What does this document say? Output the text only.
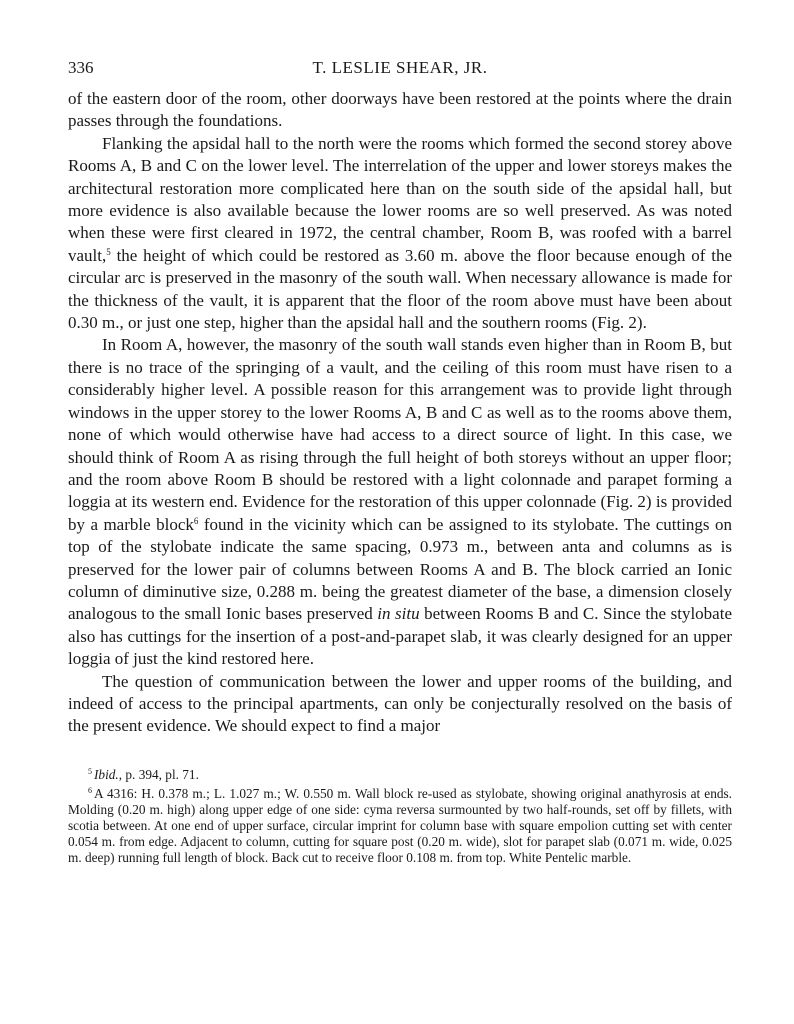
336	T. LESLIE SHEAR, JR.

of the eastern door of the room, other doorways have been restored at the points where the drain passes through the foundations.

Flanking the apsidal hall to the north were the rooms which formed the second storey above Rooms A, B and C on the lower level. The interrelation of the upper and lower storeys makes the architectural restoration more complicated here than on the south side of the apsidal hall, but more evidence is also available because the lower rooms are so well preserved. As was noted when these were first cleared in 1972, the central chamber, Room B, was roofed with a barrel vault,$^5$ the height of which could be restored as 3.60 m. above the floor because enough of the circular arc is preserved in the masonry of the south wall. When necessary allowance is made for the thickness of the vault, it is apparent that the floor of the room above must have been about 0.30 m., or just one step, higher than the apsidal hall and the southern rooms (Fig. 2).

In Room A, however, the masonry of the south wall stands even higher than in Room B, but there is no trace of the springing of a vault, and the ceiling of this room must have risen to a considerably higher level. A possible reason for this arrangement was to provide light through windows in the upper storey to the lower Rooms A, B and C as well as to the rooms above them, none of which would otherwise have had access to a direct source of light. In this case, we should think of Room A as rising through the full height of both storeys without an upper floor; and the room above Room B should be restored with a light colonnade and parapet forming a loggia at its western end. Evidence for the restoration of this upper colonnade (Fig. 2) is provided by a marble block$^6$ found in the vicinity which can be assigned to its stylobate. The cuttings on top of the stylobate indicate the same spacing, 0.973 m., between anta and columns as is preserved for the lower pair of columns between Rooms A and B. The block carried an Ionic column of diminutive size, 0.288 m. being the greatest diameter of the base, a dimension closely analogous to the small Ionic bases preserved in situ between Rooms B and C. Since the stylobate also has cuttings for the insertion of a post-and-parapet slab, it was clearly designed for an upper loggia of just the kind restored here.

The question of communication between the lower and upper rooms of the building, and indeed of access to the principal apartments, can only be conjecturally resolved on the basis of the present evidence. We should expect to find a major

$^5$ Ibid., p. 394, pl. 71.

$^6$ A 4316: H. 0.378 m.; L. 1.027 m.; W. 0.550 m. Wall block re-used as stylobate, showing original anathyrosis at ends. Molding (0.20 m. high) along upper edge of one side: cyma reversa surmounted by two half-rounds, set off by fillets, with scotia between. At one end of upper surface, circular imprint for column base with square empolion cutting set with center 0.054 m. from edge. Adjacent to column, cutting for square post (0.20 m. wide), slot for parapet slab (0.071 m. wide, 0.025 m. deep) running full length of block. Back cut to receive floor 0.108 m. from top. White Pentelic marble.
